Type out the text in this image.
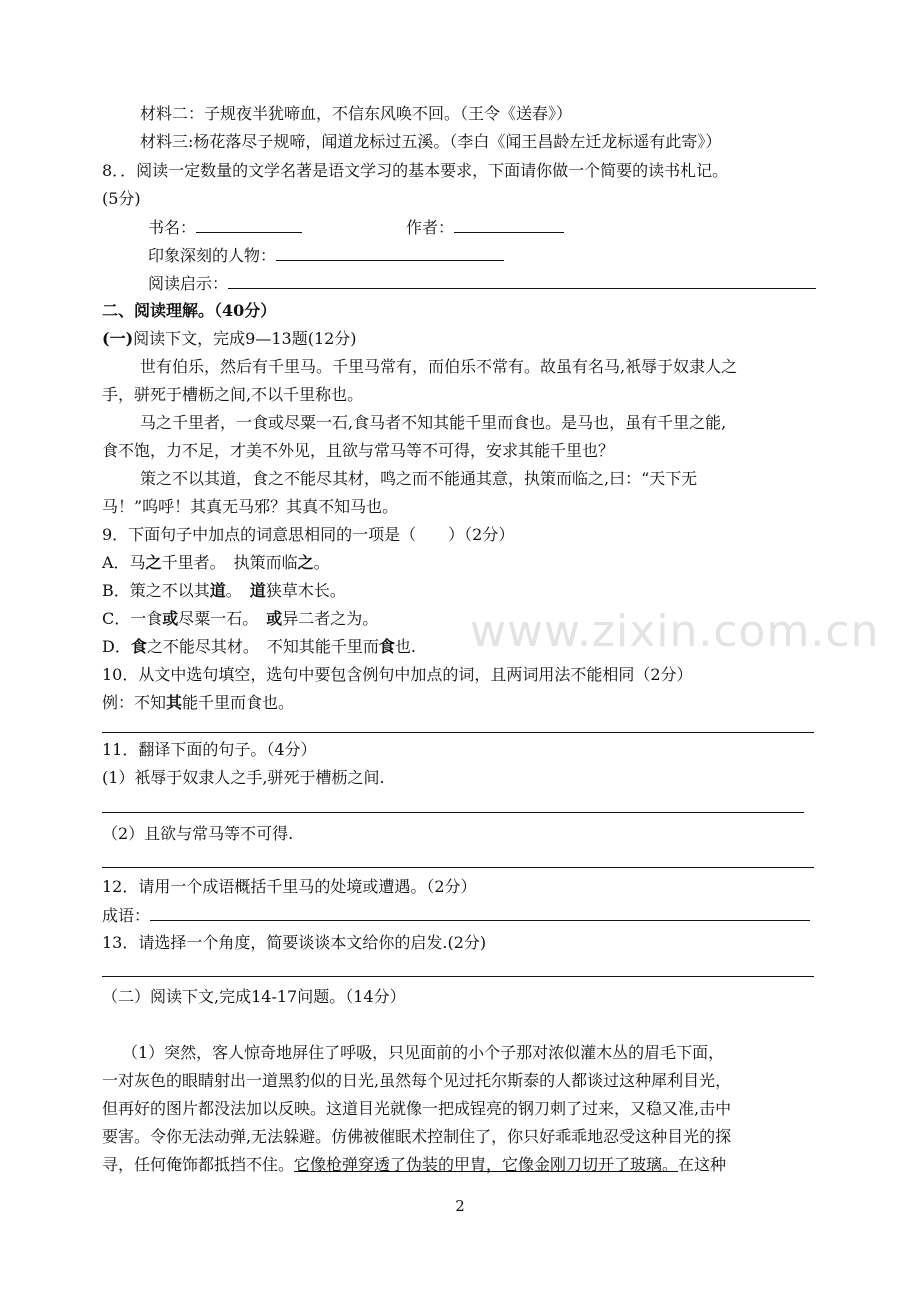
www.zixin.com.cn
材料二：子规夜半犹啼血，不信东风唤不回。（王令《送春》）
材料三:杨花落尽子规啼，闻道龙标过五溪。（李白《闻王昌龄左迁龙标遥有此寄》）
8．．阅读一定数量的文学名著是语文学习的基本要求，下面请你做一个简要的读书札记。
(5分)
书名：	作者：
印象深刻的人物：
阅读启示：
二、阅读理解。（40分）
(一)阅读下文，完成9—13题(12分)
世有伯乐，然后有千里马。千里马常有，而伯乐不常有。故虽有名马,衹辱于奴隶人之
手，骈死于槽枥之间,不以千里称也。
马之千里者，一食或尽粟一石,食马者不知其能千里而食也。是马也，虽有千里之能,
食不饱，力不足，才美不外见，且欲与常马等不可得，安求其能千里也？
策之不以其道，食之不能尽其材，鸣之而不能通其意，执策而临之,曰：“天下无
马！”呜呼！其真无马邪？其真不知马也。
9．下面句子中加点的词意思相同的一项是（　　）（2分）
A．马之千里者。　执策而临之。
B．策之不以其道。　道狭草木长。
C．一食或尽粟一石。　或异二者之为。
D．食之不能尽其材。　不知其能千里而食也.
10．从文中选句填空，选句中要包含例句中加点的词，且两词用法不能相同（2分）
例：不知其能千里而食也。
11．翻译下面的句子。（4分）
(1）衹辱于奴隶人之手,骈死于槽枥之间.
（2）且欲与常马等不可得.
12．请用一个成语概括千里马的处境或遭遇。（2分）
成语：
13．请选择一个角度，简要谈谈本文给你的启发.(2分)
（二）阅读下文,完成14-17问题。（14分）
（1）突然，客人惊奇地屏住了呼吸，只见面前的小个子那对浓似灌木丛的眉毛下面，
一对灰色的眼睛射出一道黑豹似的日光,虽然每个见过托尔斯泰的人都谈过这种犀利目光，
但再好的图片都没法加以反映。这道目光就像一把成锃亮的钢刀刺了过来，又稳又准,击中
要害。令你无法动弹,无法躲避。仿佛被催眠术控制住了，你只好乖乖地忍受这种目光的探
寻，任何俺饰都抵挡不住。它像枪弹穿透了伪装的甲胄，它像金刚刀切开了玻璃。在这种
2
